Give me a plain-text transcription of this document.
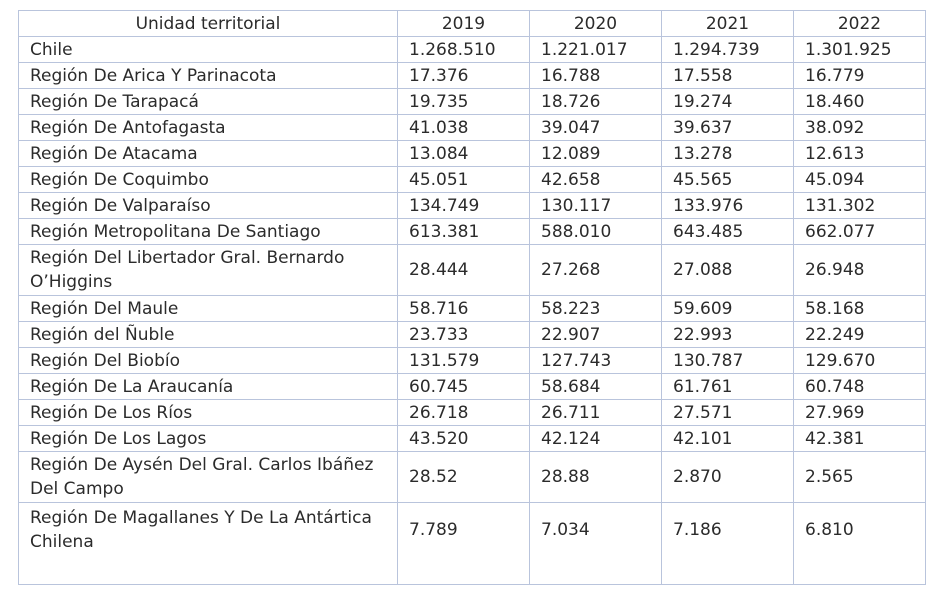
Unidad territorial	2019	2020	2021	2022
Chile	1.268.510	1.221.017	1.294.739	1.301.925
Región De Arica Y Parinacota	17.376	16.788	17.558	16.779
Región De Tarapacá	19.735	18.726	19.274	18.460
Región De Antofagasta	41.038	39.047	39.637	38.092
Región De Atacama	13.084	12.089	13.278	12.613
Región De Coquimbo	45.051	42.658	45.565	45.094
Región De Valparaíso	134.749	130.117	133.976	131.302
Región Metropolitana De Santiago	613.381	588.010	643.485	662.077
Región Del Libertador Gral. Bernardo O’Higgins	28.444	27.268	27.088	26.948
Región Del Maule	58.716	58.223	59.609	58.168
Región del Ñuble	23.733	22.907	22.993	22.249
Región Del Biobío	131.579	127.743	130.787	129.670
Región De La Araucanía	60.745	58.684	61.761	60.748
Región De Los Ríos	26.718	26.711	27.571	27.969
Región De Los Lagos	43.520	42.124	42.101	42.381
Región De Aysén Del Gral. Carlos Ibáñez Del Campo	28.52	28.88	2.870	2.565
Región De Magallanes Y De La Antártica Chilena	7.789	7.034	7.186	6.810
